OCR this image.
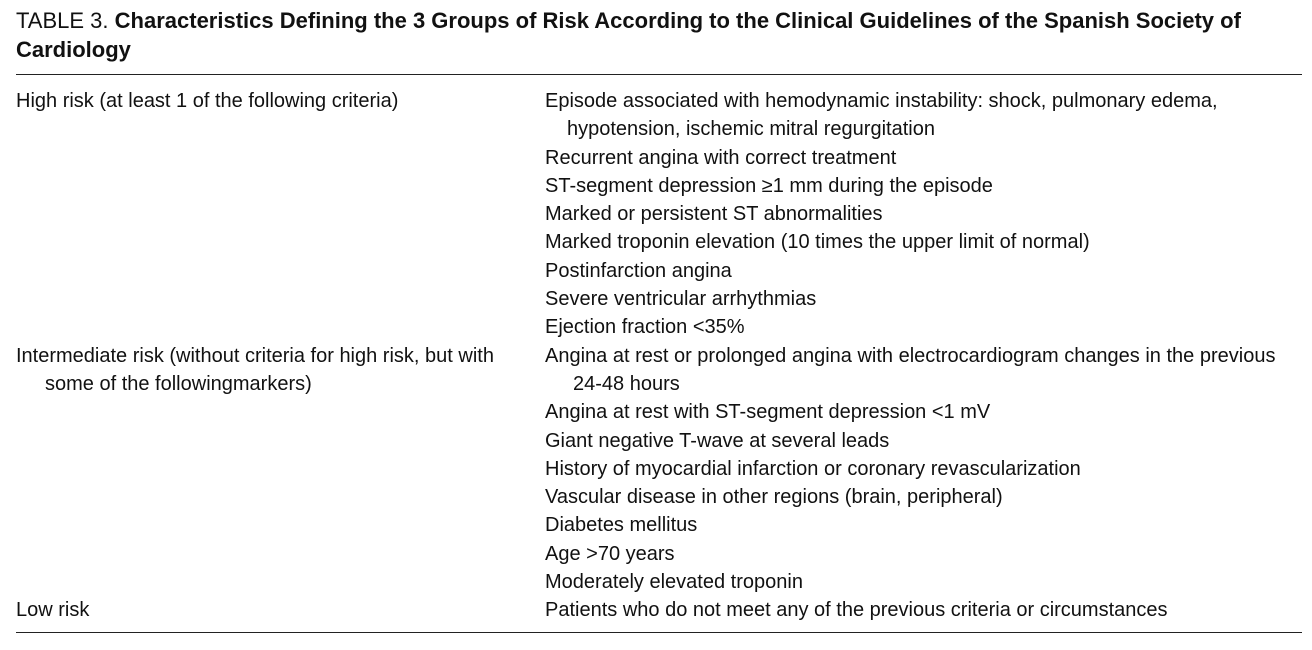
TABLE 3. Characteristics Defining the 3 Groups of Risk According to the Clinical Guidelines of the Spanish Society of Cardiology

High risk (at least 1 of the following criteria)	Episode associated with hemodynamic instability: shock, pulmonary edema, hypotension, ischemic mitral regurgitation
Recurrent angina with correct treatment
ST-segment depression ≥1 mm during the episode
Marked or persistent ST abnormalities
Marked troponin elevation (10 times the upper limit of normal)
Postinfarction angina
Severe ventricular arrhythmias
Ejection fraction <35%

Intermediate risk (without criteria for high risk, but with some of the followingmarkers)

Angina at rest or prolonged angina with electrocardiogram changes in the previous 24-48 hours
Angina at rest with ST-segment depression <1 mV
Giant negative T-wave at several leads
History of myocardial infarction or coronary revascularization
Vascular disease in other regions (brain, peripheral)
Diabetes mellitus
Age >70 years
Moderately elevated troponin

Low risk	Patients who do not meet any of the previous criteria or circumstances
